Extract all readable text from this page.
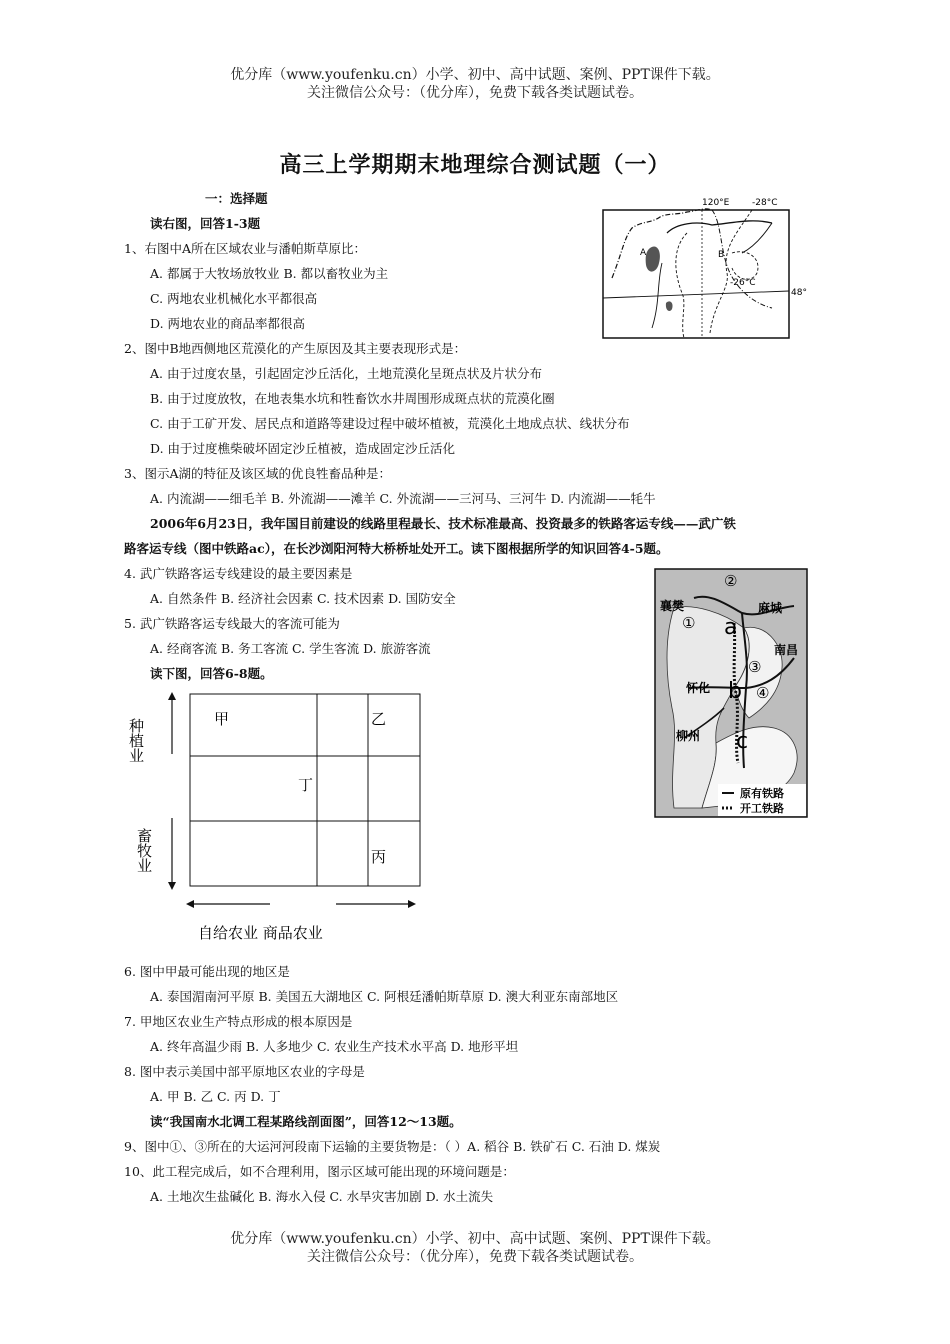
优分库（www.youfenku.cn）小学、初中、高中试题、案例、PPT课件下载。
关注微信公众号：（优分库），免费下载各类试题试卷。
高三上学期期末地理综合测试题（一）
一：选择题
读右图，回答1-3题
1、右图中A所在区域农业与潘帕斯草原比：
A. 都属于大牧场放牧业 B. 都以畜牧业为主
C. 两地农业机械化水平都很高
D. 两地农业的商品率都很高
2、图中B地西侧地区荒漠化的产生原因及其主要表现形式是：
A. 由于过度农垦，引起固定沙丘活化，土地荒漠化呈斑点状及片状分布
B. 由于过度放牧，在地表集水坑和牲畜饮水井周围形成斑点状的荒漠化圈
C. 由于工矿开发、居民点和道路等建设过程中破坏植被，荒漠化土地成点状、线状分布
D. 由于过度樵柴破坏固定沙丘植被，造成固定沙丘活化
3、图示A湖的特征及该区域的优良牲畜品种是：
A. 内流湖——细毛羊 B. 外流湖——滩羊 C. 外流湖——三河马、三河牛 D. 内流湖——牦牛
2006年6月23日，我年国目前建设的线路里程最长、技术标准最高、投资最多的铁路客运专线——武广铁
路客运专线（图中铁路ac），在长沙浏阳河特大桥桥址处开工。读下图根据所学的知识回答4-5题。
4. 武广铁路客运专线建设的最主要因素是
A. 自然条件 B. 经济社会因素 C. 技术因素 D. 国防安全
5. 武广铁路客运专线最大的客流可能为
A. 经商客流 B. 务工客流 C. 学生客流 D. 旅游客流
读下图，回答6-8题。
A	B
120°E	-28°C
-26°C
48°
②
襄樊	麻城
① a
南昌
③
怀化 b ④
柳州 c
原有铁路
开工铁路
种植业
畜牧业
甲	乙
丁
丙
自给农业 商品农业
6. 图中甲最可能出现的地区是
A. 泰国湄南河平原 B. 美国五大湖地区 C. 阿根廷潘帕斯草原 D. 澳大利亚东南部地区
7. 甲地区农业生产特点形成的根本原因是
A. 终年高温少雨 B. 人多地少 C. 农业生产技术水平高 D. 地形平坦
8. 图中表示美国中部平原地区农业的字母是
A. 甲 B. 乙 C. 丙 D. 丁
读“我国南水北调工程某路线剖面图”，回答12～13题。
9、图中①、③所在的大运河河段南下运输的主要货物是：（ ）A. 稻谷 B. 铁矿石 C. 石油 D. 煤炭
10、此工程完成后，如不合理利用，图示区域可能出现的环境问题是：
A. 土地次生盐碱化 B. 海水入侵 C. 水旱灾害加剧 D. 水土流失
优分库（www.youfenku.cn）小学、初中、高中试题、案例、PPT课件下载。
关注微信公众号：（优分库），免费下载各类试题试卷。
